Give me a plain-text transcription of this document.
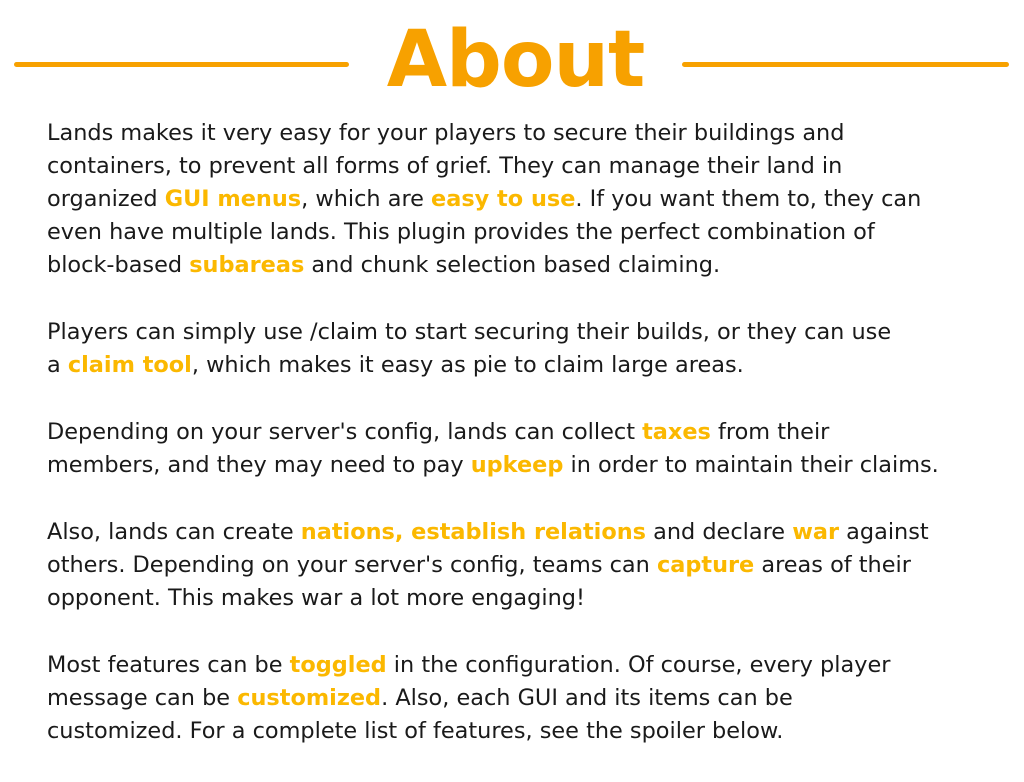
About

Lands makes it very easy for your players to secure their buildings and
containers, to prevent all forms of grief. They can manage their land in
organized GUI menus, which are easy to use. If you want them to, they can
even have multiple lands. This plugin provides the perfect combination of
block-based subareas and chunk selection based claiming.

Players can simply use /claim to start securing their builds, or they can use
a claim tool, which makes it easy as pie to claim large areas.

Depending on your server's config, lands can collect taxes from their
members, and they may need to pay upkeep in order to maintain their claims.

Also, lands can create nations, establish relations and declare war against
others. Depending on your server's config, teams can capture areas of their
opponent. This makes war a lot more engaging!

Most features can be toggled in the configuration. Of course, every player
message can be customized. Also, each GUI and its items can be
customized. For a complete list of features, see the spoiler below.
